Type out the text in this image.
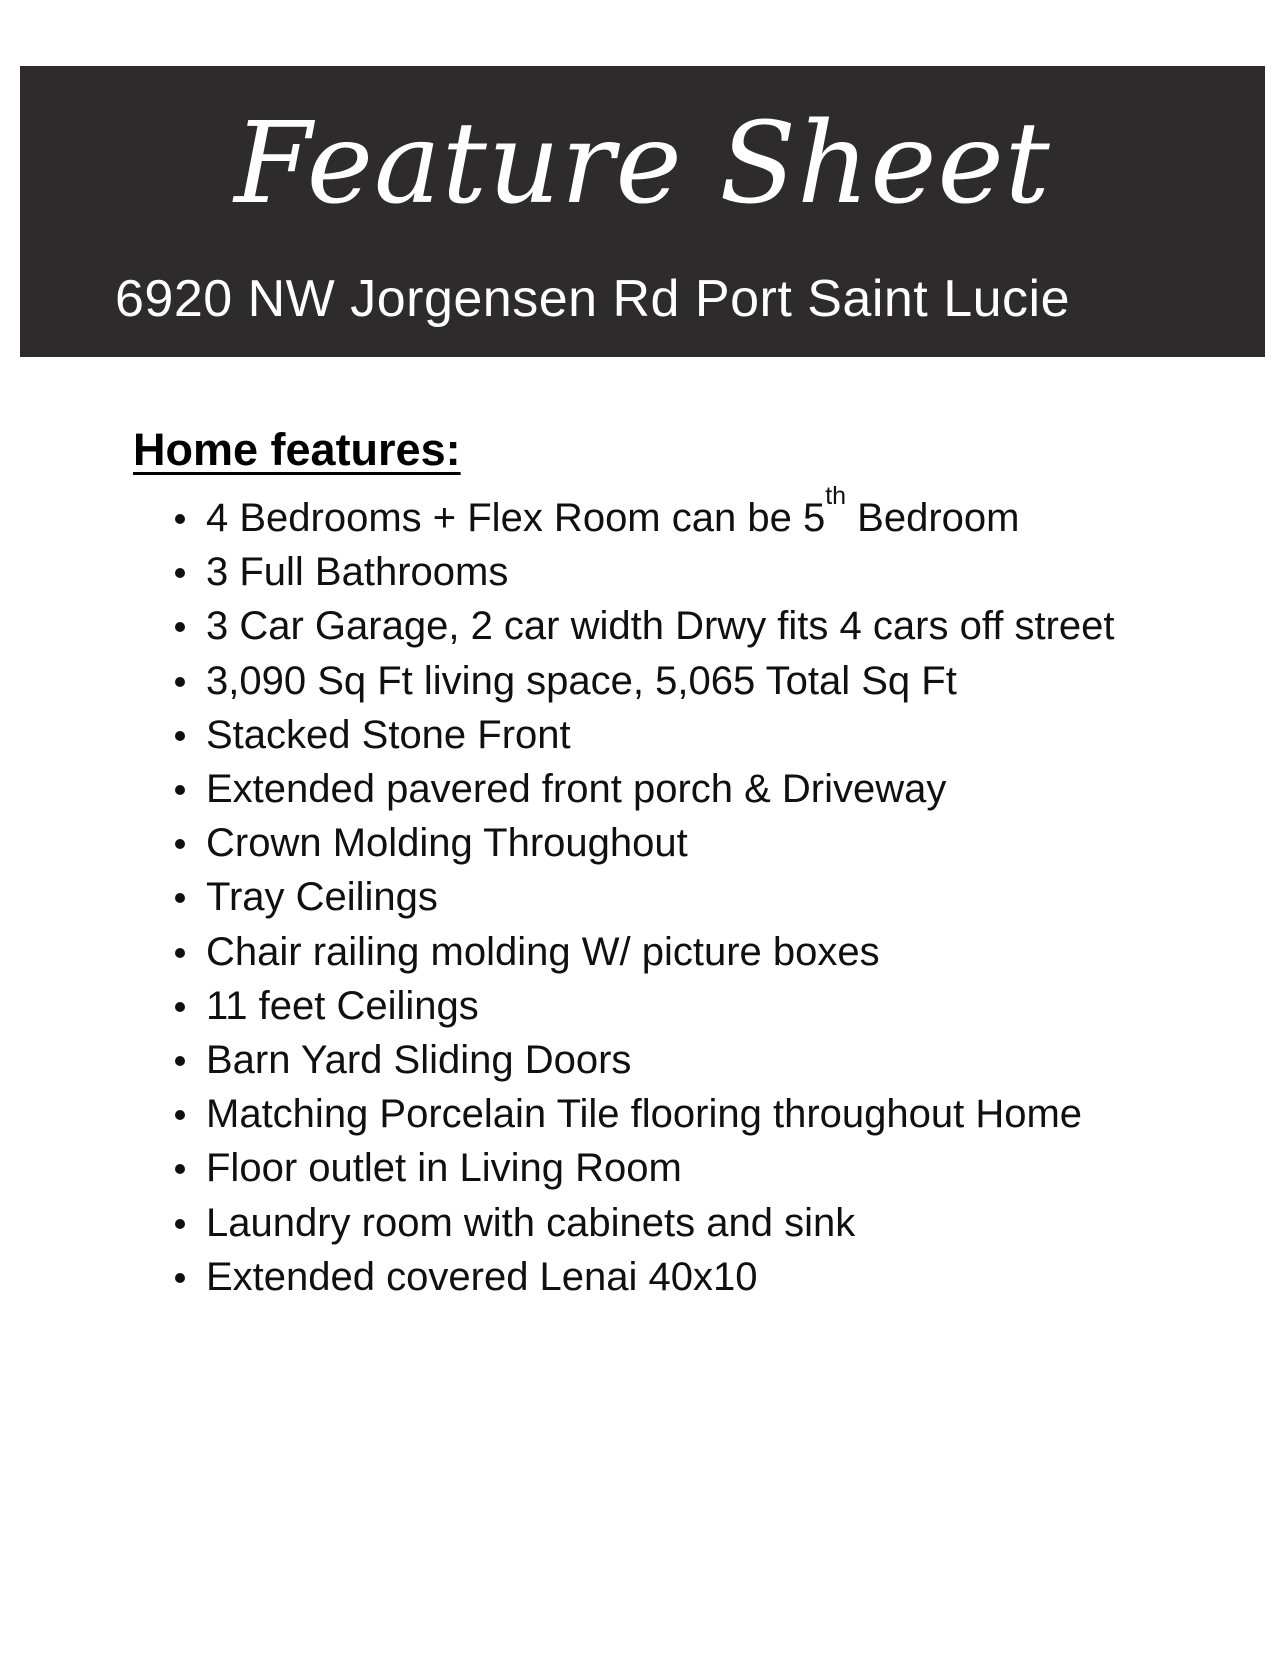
Feature Sheet
6920 NW Jorgensen Rd Port Saint Lucie
Home features:
4 Bedrooms + Flex Room can be 5th Bedroom
3 Full Bathrooms
3 Car Garage, 2 car width Drwy fits 4 cars off street
3,090 Sq Ft living space, 5,065 Total Sq Ft
Stacked Stone Front
Extended pavered front porch & Driveway
Crown Molding Throughout
Tray Ceilings
Chair railing molding W/ picture boxes
11 feet Ceilings
Barn Yard Sliding Doors
Matching Porcelain Tile flooring throughout Home
Floor outlet in Living Room
Laundry room with cabinets and sink
Extended covered Lenai 40x10
